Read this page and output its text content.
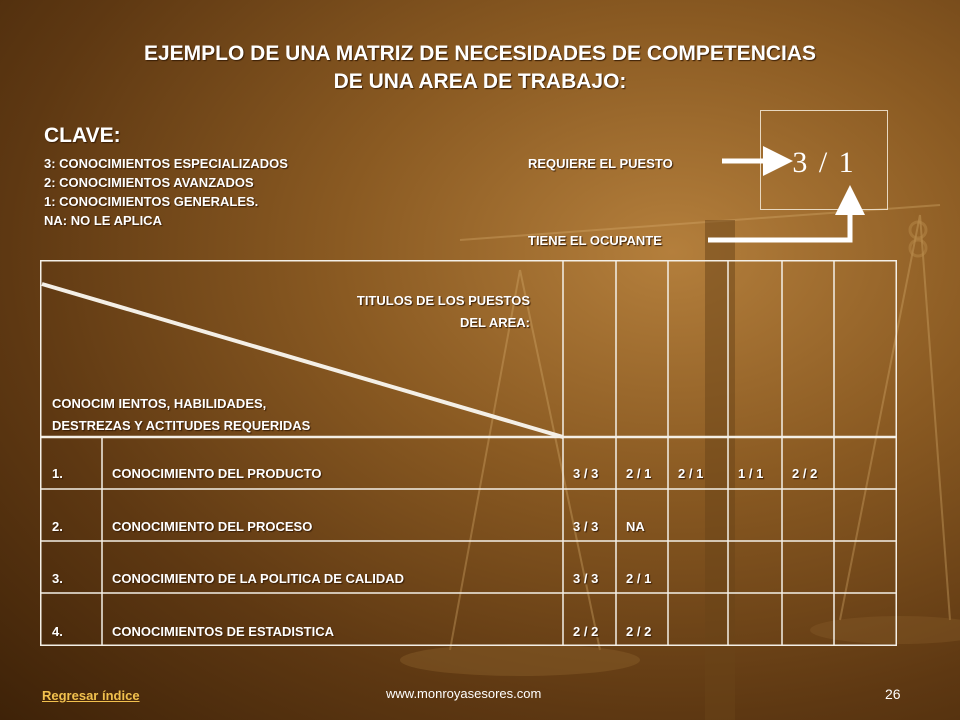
EJEMPLO DE UNA MATRIZ DE NECESIDADES DE COMPETENCIAS
DE UNA AREA DE TRABAJO:
CLAVE:
3: CONOCIMIENTOS ESPECIALIZADOS
2: CONOCIMIENTOS AVANZADOS
1: CONOCIMIENTOS GENERALES.
NA: NO LE APLICA
REQUIERE EL PUESTO
TIENE EL OCUPANTE
3 / 1
TITULOS DE LOS PUESTOS
DEL AREA:
CONOCIM IENTOS, HABILIDADES,
DESTREZAS Y ACTITUDES REQUERIDAS
1.	CONOCIMIENTO DEL PRODUCTO	3 / 3 2 / 1 2 / 1	1 / 1 2 / 2
2.	CONOCIMIENTO DEL PROCESO	3 / 3 NA
3.	CONOCIMIENTO DE LA POLITICA DE CALIDAD	3 / 3 2 / 1
4.	CONOCIMIENTOS DE ESTADISTICA	2 / 2 2 / 2
Regresar índice	www.monroyasesores.com	26
